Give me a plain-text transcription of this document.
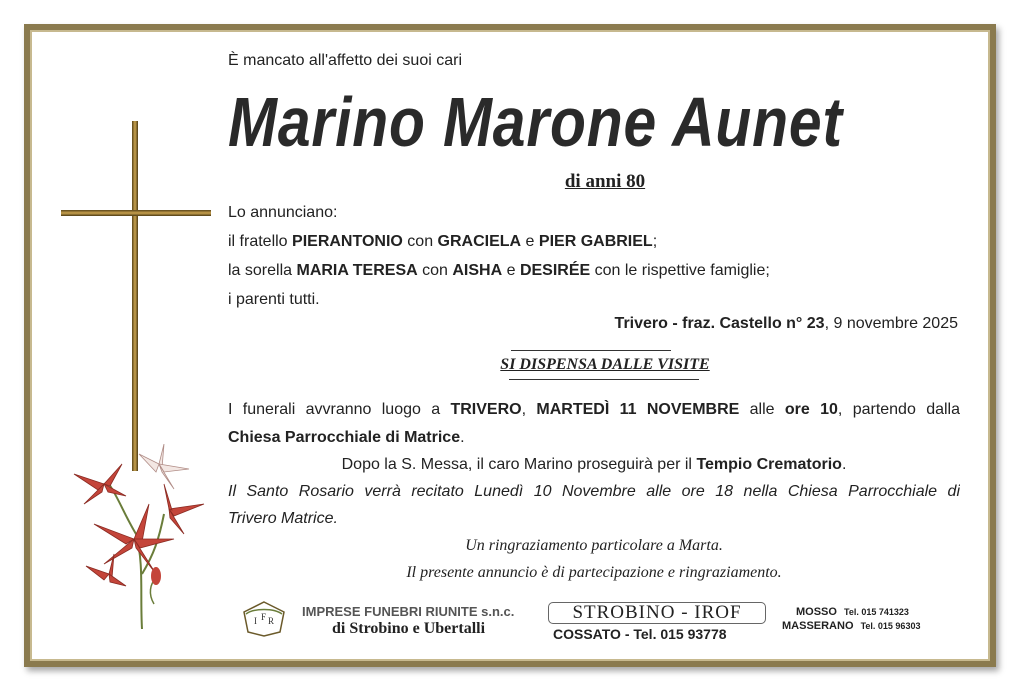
È mancato all'affetto dei suoi cari
Marino Marone Aunet
di anni 80
Lo annunciano:
il fratello PIERANTONIO con GRACIELA e PIER GABRIEL;
la sorella MARIA TERESA con AISHA e DESIRÉE con le rispettive famiglie;
i parenti tutti.
Trivero - fraz. Castello n° 23, 9 novembre 2025
SI DISPENSA DALLE VISITE
I funerali avvranno luogo a TRIVERO, MARTEDÌ 11 NOVEMBRE alle ore 10, partendo dalla
Chiesa Parrocchiale di Matrice.
Dopo la S. Messa, il caro Marino proseguirà per il Tempio Crematorio.
Il Santo Rosario verrà recitato Lunedì 10 Novembre alle ore 18 nella Chiesa Parrocchiale di
Trivero Matrice.
Un ringraziamento particolare a Marta.
Il presente annuncio è di partecipazione e ringraziamento.
I F R
IMPRESE FUNEBRI RIUNITE s.n.c.
di Strobino e Ubertalli
STROBINO - IROF
COSSATO - Tel. 015 93778
MOSSO Tel. 015 741323
MASSERANO Tel. 015 96303
